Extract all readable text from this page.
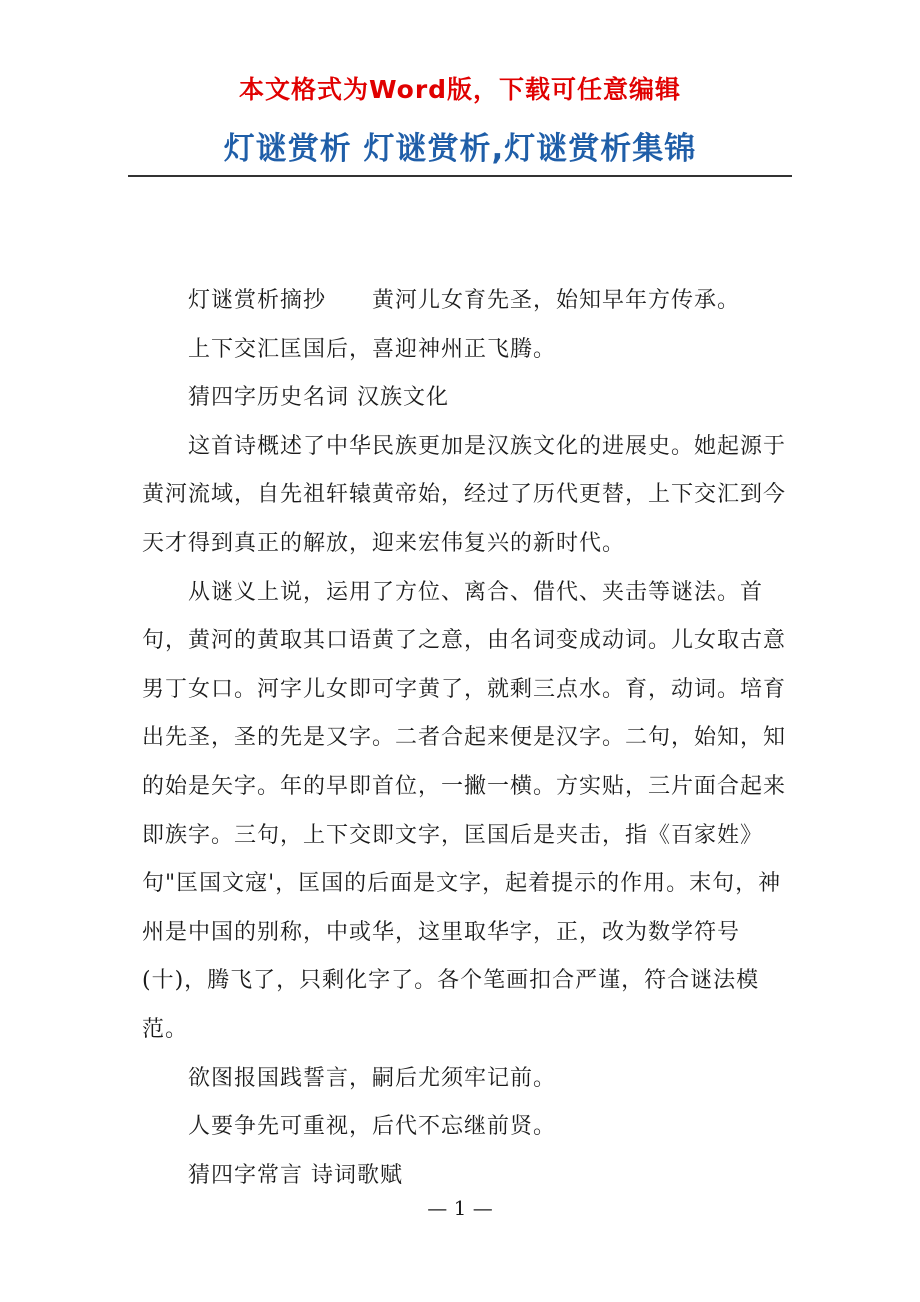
本文格式为Word版，下载可任意编辑
灯谜赏析 灯谜赏析,灯谜赏析集锦

灯谜赏析摘抄　　黄河儿女育先圣，始知早年方传承。

上下交汇匡国后，喜迎神州正飞腾。

猜四字历史名词 汉族文化

这首诗概述了中华民族更加是汉族文化的进展史。她起源于黄河流域，自先祖轩辕黄帝始，经过了历代更替，上下交汇到今天才得到真正的解放，迎来宏伟复兴的新时代。

从谜义上说，运用了方位、离合、借代、夹击等谜法。首句，黄河的黄取其口语黄了之意，由名词变成动词。儿女取古意男丁女口。河字儿女即可字黄了，就剩三点水。育，动词。培育出先圣，圣的先是又字。二者合起来便是汉字。二句，始知，知的始是矢字。年的早即首位，一撇一横。方实贴，三片面合起来即族字。三句，上下交即文字，匡国后是夹击，指《百家姓》句"匡国文寇'，匡国的后面是文字，起着提示的作用。末句，神州是中国的别称，中或华，这里取华字，正，改为数学符号(十)，腾飞了，只剩化字了。各个笔画扣合严谨，符合谜法模范。

欲图报国践誓言，嗣后尤须牢记前。

人要争先可重视，后代不忘继前贤。

猜四字常言 诗词歌赋

— 1 —
